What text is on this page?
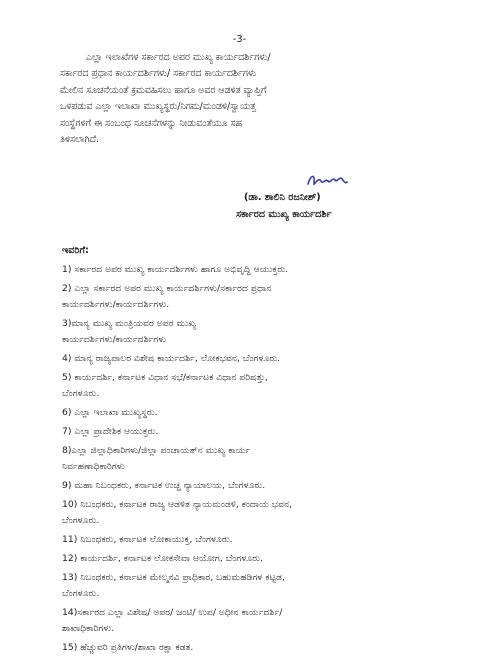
-3-
ಎಲ್ಲಾ ಇಲಾಖೆಗಳ ಸರ್ಕಾರದ ಅಪರ ಮುಖ್ಯ ಕಾರ್ಯದರ್ಶಿಗಳು/
ಸರ್ಕಾರದ ಪ್ರಧಾನ ಕಾರ್ಯದರ್ಶಿಗಳು/ ಸರ್ಕಾರದ ಕಾರ್ಯದರ್ಶಿಗಳು
ಮೇಲಿನ ಸೂಚನೆಯಂತೆ ಕ್ರಮವಹಿಸಲು ಹಾಗೂ ಅವರ ಆಡಳಿತ ವ್ಯಾಪ್ತಿಗೆ
ಒಳಪಡುವ ಎಲ್ಲಾ ಇಲಾಖಾ ಮುಖ್ಯಸ್ಥರು/ನಿಗಮ/ಮಂಡಳಿ/ಸ್ವಾಯತ್ತ
ಸಂಸ್ಥೆಗಳಿಗೆ ಈ ಸಂಬಂಧ ಸೂಚನೆಗಳನ್ನು ನೀಡುವಂತೆಯೂ ಸಹ
ತಿಳಿಸಲಾಗಿದೆ.
(ಡಾ. ಶಾಲಿನಿ ರಜನೀಶ್)
ಸರ್ಕಾರದ ಮುಖ್ಯ ಕಾರ್ಯದರ್ಶಿ
ಇವರಿಗೆ:
1) ಸರ್ಕಾರದ ಅಪರ ಮುಖ್ಯ ಕಾರ್ಯದರ್ಶಿಗಳು ಹಾಗೂ ಅಭಿವೃದ್ಧಿ ಆಯುಕ್ತರು.
2) ಎಲ್ಲಾ ಸರ್ಕಾರದ ಅಪರ ಮುಖ್ಯ ಕಾರ್ಯದರ್ಶಿಗಳು/ಸರ್ಕಾರದ ಪ್ರಧಾನ
ಕಾರ್ಯದರ್ಶಿಗಳು/ಕಾರ್ಯದರ್ಶಿಗಳು.
3)ಮಾನ್ಯ ಮುಖ್ಯ ಮಂತ್ರಿಯವರ ಅಪರ ಮುಖ್ಯ
ಕಾರ್ಯದರ್ಶಿಗಳು/ಕಾರ್ಯದರ್ಶಿಗಳು
4) ಮಾನ್ಯ ರಾಜ್ಯಪಾಲರ ವಿಶೇಷ ಕಾರ್ಯದರ್ಶಿ, ಲೋಕಭವನ, ಬೆಂಗಳೂರು.
5) ಕಾರ್ಯದರ್ಶಿ, ಕರ್ನಾಟಕ ವಿಧಾನ ಸಭೆ/ಕರ್ನಾಟಕ ವಿಧಾನ ಪರಿಷತ್ತು,
ಬೆಂಗಳೂರು.
6) ಎಲ್ಲಾ ಇಲಾಖಾ ಮುಖ್ಯಸ್ಥರು.
7) ಎಲ್ಲಾ ಪ್ರಾದೇಶಿಕ ಆಯುಕ್ತರು.
8)ಎಲ್ಲಾ ಜಿಲ್ಲಾಧಿಕಾರಿಗಳು/ಜಿಲ್ಲಾ ಪಂಚಾಯತ್‌ನ ಮುಖ್ಯ ಕಾರ್ಯ
ನಿರ್ವಹಣಾಧಿಕಾರಿಗಳು
9) ಮಹಾ ನಿಬಂಧಕರು, ಕರ್ನಾಟಕ ಉಚ್ಚ ನ್ಯಾಯಾಲಯ, ಬೆಂಗಳೂರು.
10) ನಿಬಂಧಕರು, ಕರ್ನಾಟಕ ರಾಜ್ಯ ಆಡಳಿತ ನ್ಯಾಯಮಂಡಳಿ, ಕಂದಾಯ ಭವನ,
ಬೆಂಗಳೂರು.
11) ನಿಬಂಧಕರು, ಕರ್ನಾಟಕ ಲೋಕಾಯುಕ್ತ, ಬೆಂಗಳೂರು.
12) ಕಾರ್ಯದರ್ಶಿ, ಕರ್ನಾಟಕ ಲೋಕಸೇವಾ ಆಯೋಗ, ಬೆಂಗಳೂರು.
13) ನಿಬಂಧಕರು, ಕರ್ನಾಟಕ ಮೇಲ್ಮನವಿ ಪ್ರಾಧಿಕಾರ, ಬಹುಮಹಡಿಗಳ ಕಟ್ಟಡ,
ಬೆಂಗಳೂರು.
14)ಸರ್ಕಾರದ ಎಲ್ಲಾ ವಿಶೇಷ/ ಅಪರ/ ಜಂಟಿ/ ಉಪ/ ಅಧೀನ ಕಾರ್ಯದರ್ಶಿ/
ಶಾಖಾಧಿಕಾರಿಗಳು.
15) ಹೆಚ್ಚುವರಿ ಪ್ರತಿಗಳು/ಶಾಖಾ ರಕ್ಷಾ ಕಡತ.
